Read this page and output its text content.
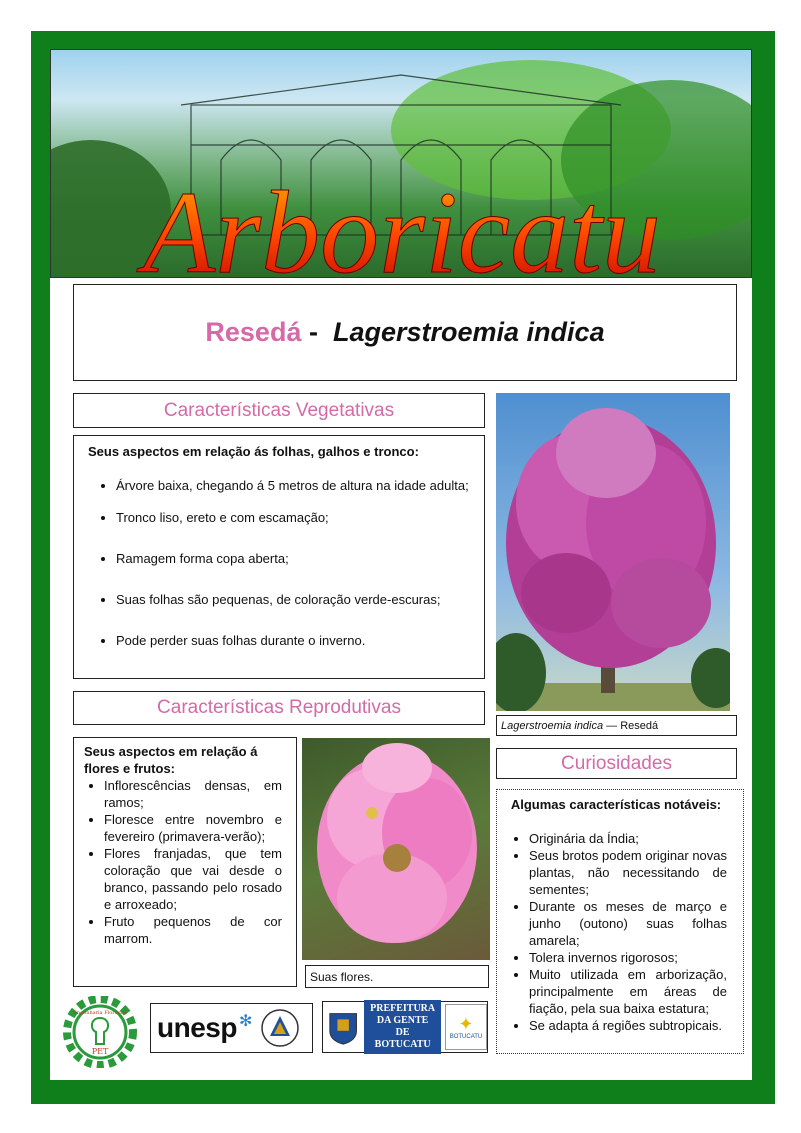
Arboricatu
Resedá -
Lagerstroemia indica
Características Vegetativas
Seus aspectos em relação ás folhas, galhos e tronco:
• Árvore baixa, chegando á 5 metros de altura na idade adulta;
• Tronco liso, ereto e com escamação;
• Ramagem forma copa aberta;
• Suas folhas são pequenas, de coloração verde-escuras;
• Pode perder suas folhas durante o inverno.
Lagerstroemia indica — Resedá
Características Reprodutivas
Seus aspectos em relação á flores e frutos:
• Inflorescências densas, em ramos;
• Floresce entre novembro e fevereiro (primavera-verão);
• Flores franjadas, que tem coloração que vai desde o branco, passando pelo rosado e arroxeado;
• Fruto pequenos de cor marrom.
Suas flores.
Curiosidades
Algumas características notáveis:
• Originária da Índia;
• Seus brotos podem originar novas plantas, não necessitando de sementes;
• Durante os meses de março e junho (outono) suas folhas amarela;
• Tolera invernos rigorosos;
• Muito utilizada em arborização, principalmente em áreas de fiação, pela sua baixa estatura;
• Se adapta á regiões subtropicais.
Engenharia Florestal
PET
unesp ✻
PREFEITURA
DA GENTE
DE BOTUCATU
✦
BOTUCATU
